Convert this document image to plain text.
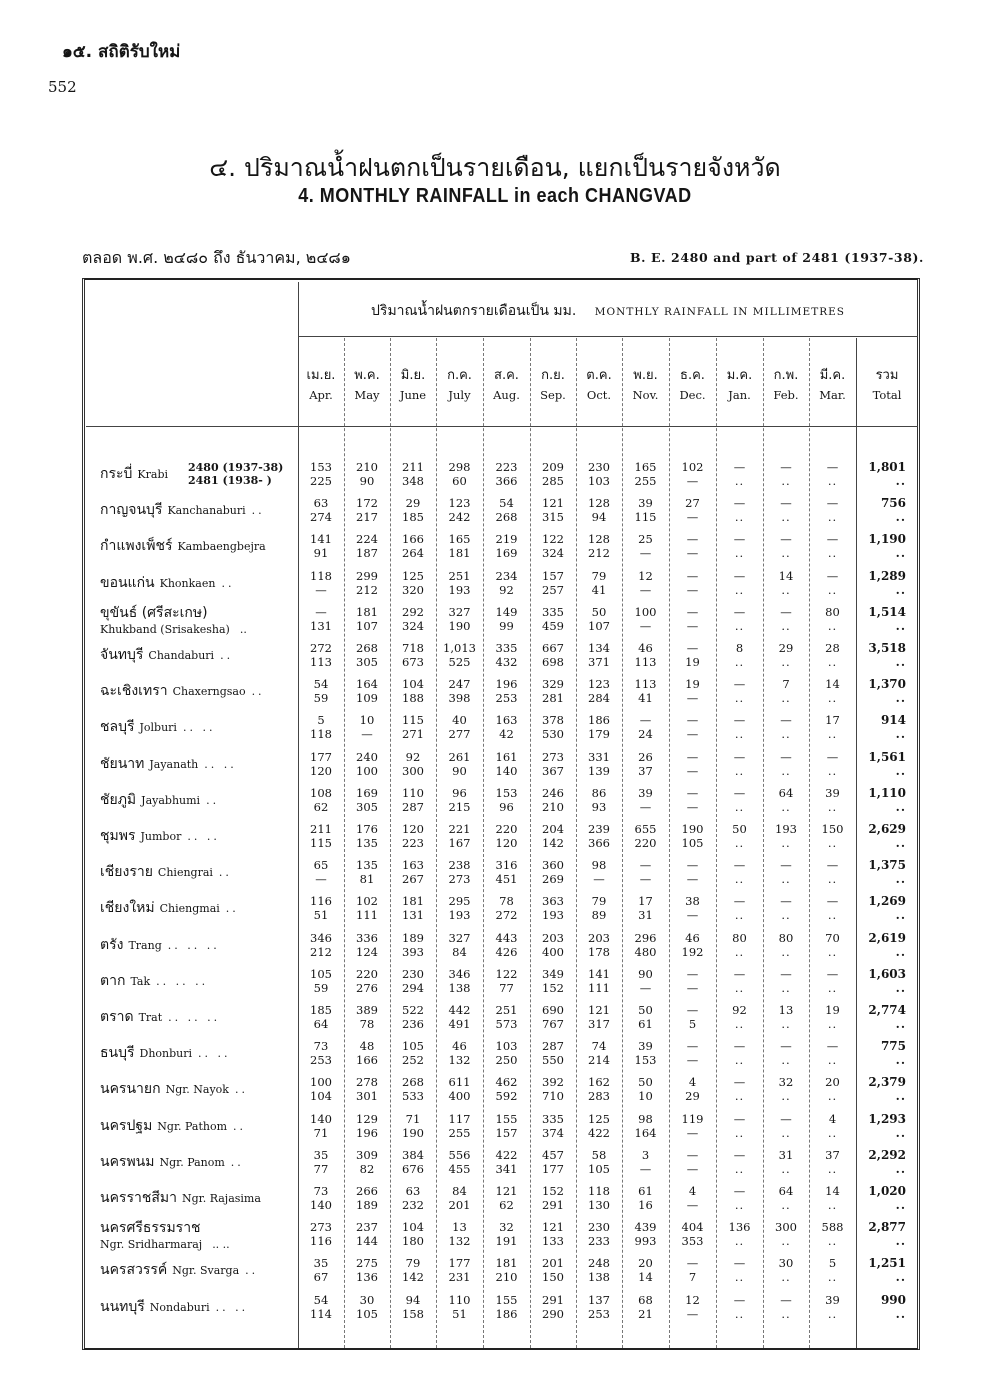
๑๕. สถิติรับใหม่
552
๔. ปริมาณน้ำฝนตกเป็นรายเดือน, แยกเป็นรายจังหวัด
4. MONTHLY RAINFALL in each CHANGVAD
ตลอด พ.ศ. ๒๔๘๐ ถึง ธันวาคม, ๒๔๘๑	B. E. 2480 and part of 2481 (1937-38).
ปริมาณน้ำฝนตกรายเดือนเป็น มม. MONTHLY RAINFALL IN MILLIMETRES
เม.ย.
Apr.
พ.ค.
May
มิ.ย.
June
ก.ค.
July
ส.ค.
Aug.
ก.ย.
Sep.
ต.ค.
Oct.
พ.ย.
Nov.
ธ.ค.
Dec.
ม.ค.
Jan.
ก.พ.
Feb.
มี.ค.
Mar.
รวม
Total
กระบี่ Krabi
2480 (1937-38)
2481 (1938- )
153	210	211	298	223	209	230	165	102	—	—	—	1,801
225	90	348	60	366	285	103	255	—	..	..	..	..
กาญจนบุรี Kanchanaburi ..
63	172	29	123	54	121	128	39	27	—	—	—	756
274	217	185	242	268	315	94	115	—	..	..	..	..
กำแพงเพ็ชร์ Kambaengbejra
141	224	166	165	219	122	128	25	—	—	—	—	1,190
91	187	264	181	169	324	212	—	—	..	..	..	..
ขอนแก่น Khonkaen ..
118	299	125	251	234	157	79	12	—	—	14	—	1,289
—	212	320	193	92	257	41	—	—	..	..	..	..
ขุขันธ์ (ศรีสะเกษ)
Khukband (Srisakesha) ..
—	181	292	327	149	335	50	100	—	—	—	80	1,514
131	107	324	190	99	459	107	—	—	..	..	..	..
จันทบุรี Chandaburi ..
272	268	718	1,013	335	667	134	46	—	8	29	28	3,518
113	305	673	525	432	698	371	113	19	..	..	..	..
ฉะเชิงเทรา Chaxerngsao ..
54	164	104	247	196	329	123	113	19	—	7	14	1,370
59	109	188	398	253	281	284	41	—	..	..	..	..
ชลบุรี Jolburi .. ..
5	10	115	40	163	378	186	—	—	—	—	17	914
118	—	271	277	42	530	179	24	—	..	..	..	..
ชัยนาท Jayanath .. ..
177	240	92	261	161	273	331	26	—	—	—	—	1,561
120	100	300	90	140	367	139	37	—	..	..	..	..
ชัยภูมิ Jayabhumi ..
108	169	110	96	153	246	86	39	—	—	64	39	1,110
62	305	287	215	96	210	93	—	—	..	..	..	..
ชุมพร Jumbor .. ..
211	176	120	221	220	204	239	655	190	50	193	150	2,629
115	135	223	167	120	142	366	220	105	..	..	..	..
เชียงราย Chiengrai ..
65	135	163	238	316	360	98	—	—	—	—	—	1,375
—	81	267	273	451	269	—	—	—	..	..	..	..
เชียงใหม่ Chiengmai ..
116	102	181	295	78	363	79	17	38	—	—	—	1,269
51	111	131	193	272	193	89	31	—	..	..	..	..
ตรัง Trang .. .. ..
346	336	189	327	443	203	203	296	46	80	80	70	2,619
212	124	393	84	426	400	178	480	192	..	..	..	..
ตาก Tak .. .. ..
105	220	230	346	122	349	141	90	—	—	—	—	1,603
59	276	294	138	77	152	111	—	—	..	..	..	..
ตราด Trat .. .. ..
185	389	522	442	251	690	121	50	—	92	13	19	2,774
64	78	236	491	573	767	317	61	5	..	..	..	..
ธนบุรี Dhonburi .. ..
73	48	105	46	103	287	74	39	—	—	—	—	775
253	166	252	132	250	550	214	153	—	..	..	..	..
นครนายก Ngr. Nayok ..
100	278	268	611	462	392	162	50	4	—	32	20	2,379
104	301	533	400	592	710	283	10	29	..	..	..	..
นครปฐม Ngr. Pathom ..
140	129	71	117	155	335	125	98	119	—	—	4	1,293
71	196	190	255	157	374	422	164	—	..	..	..	..
นครพนม Ngr. Panom ..
35	309	384	556	422	457	58	3	—	—	31	37	2,292
77	82	676	455	341	177	105	—	—	..	..	..	..
นครราชสีมา Ngr. Rajasima
73	266	63	84	121	152	118	61	4	—	64	14	1,020
140	189	232	201	62	291	130	16	—	..	..	..	..
นครศรีธรรมราช
Ngr. Sridharmaraj .. ..
273	237	104	13	32	121	230	439	404	136	300	588	2,877
116	144	180	132	191	133	233	993	353	..	..	..	..
นครสวรรค์ Ngr. Svarga ..
35	275	79	177	181	201	248	20	—	—	30	5	1,251
67	136	142	231	210	150	138	14	7	..	..	..	..
นนทบุรี Nondaburi .. ..
54	30	94	110	155	291	137	68	12	—	—	39	990
114	105	158	51	186	290	253	21	—	..	..	..	..
